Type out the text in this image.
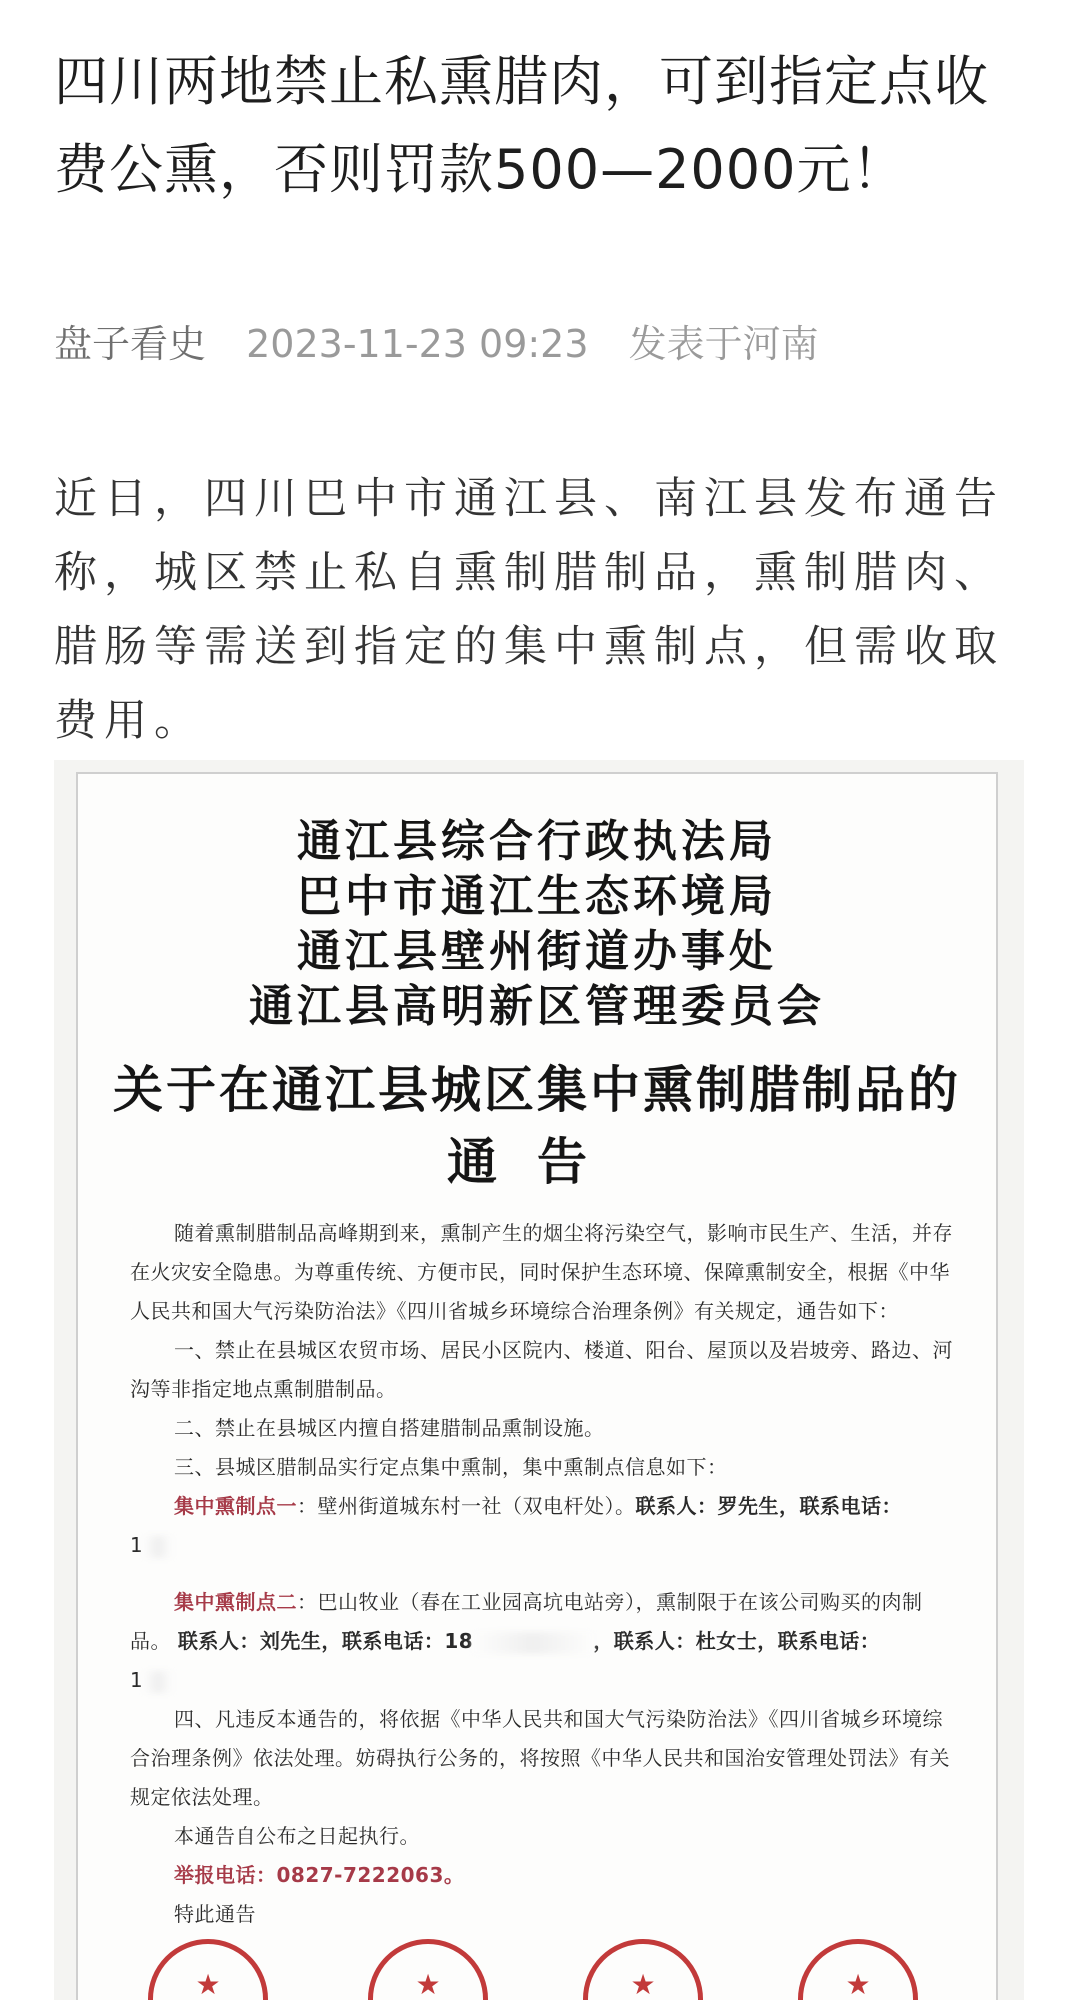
四川两地禁止私熏腊肉，可到指定点收费公熏，否则罚款500—2000元！
盘子看史 2023-11-23 09:23 发表于河南

近日，四川巴中市通江县、南江县发布通告称，城区禁止私自熏制腊制品，熏制腊肉、腊肠等需送到指定的集中熏制点，但需收取费用。

通江县综合行政执法局
巴中市通江生态环境局
通江县壁州街道办事处
通江县高明新区管理委员会
关于在通江县城区集中熏制腊制品的
通告

随着熏制腊制品高峰期到来，熏制产生的烟尘将污染空气，影响市民生产、生活，并存在火灾安全隐患。为尊重传统、方便市民，同时保护生态环境、保障熏制安全，根据《中华人民共和国大气污染防治法》《四川省城乡环境综合治理条例》有关规定，通告如下：

一、禁止在县城区农贸市场、居民小区院内、楼道、阳台、屋顶以及岩坡旁、路边、河沟等非指定地点熏制腊制品。

二、禁止在县城区内擅自搭建腊制品熏制设施。

三、县城区腊制品实行定点集中熏制，集中熏制点信息如下：

集中熏制点一：壁州街道城东村一社（双电杆处）。联系人：罗先生，联系电话：
1

集中熏制点二：巴山牧业（春在工业园高坑电站旁），熏制限于在该公司购买的肉制品。 联系人：刘先生，联系电话：18	，联系人：杜女士，联系电话：
1

四、凡违反本通告的，将依据《中华人民共和国大气污染防治法》《四川省城乡环境综合治理条例》依法处理。妨碍执行公务的，将按照《中华人民共和国治安管理处罚法》有关规定依法处理。

本通告自公布之日起执行。

举报电话：0827-7222063。

特此通告

★	★	★	★
